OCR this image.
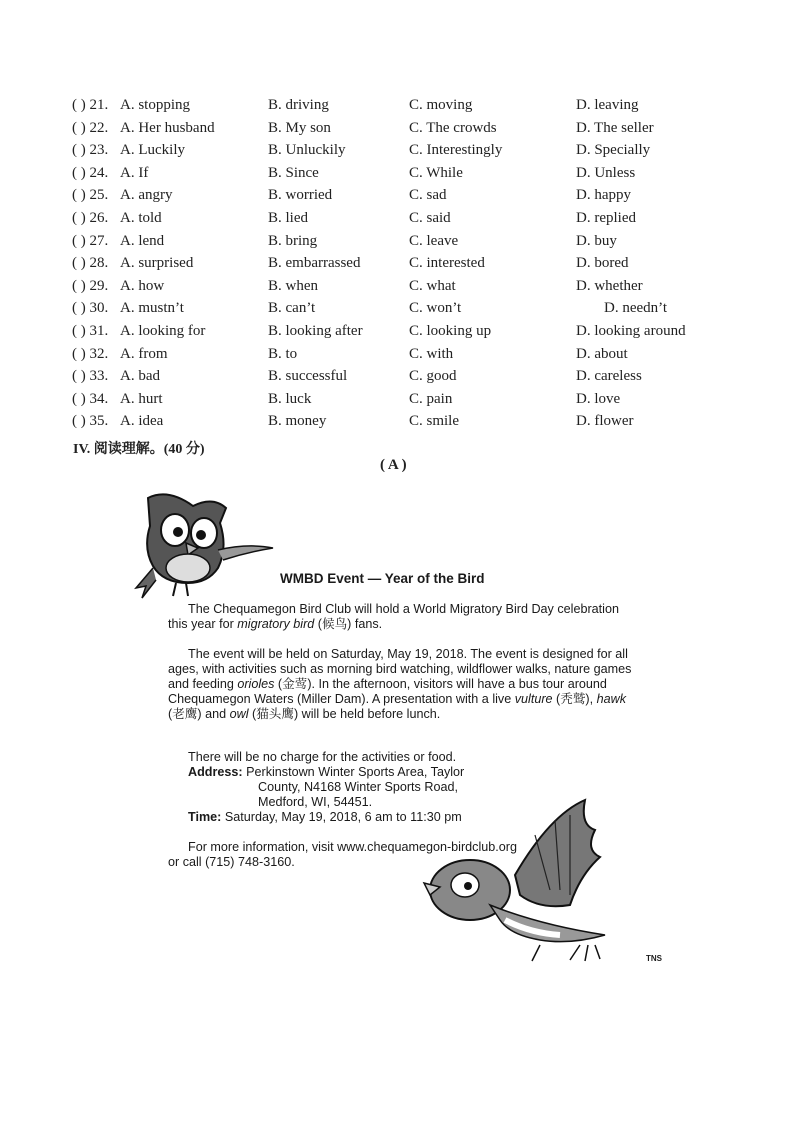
( ) 21. A. stopping	B. driving	C. moving	D. leaving
( ) 22. A. Her husband	B. My son	C. The crowds	D. The seller
( ) 23. A. Luckily	B. Unluckily	C. Interestingly	D. Specially
( ) 24. A. If	B. Since	C. While	D. Unless
( ) 25. A. angry	B. worried	C. sad	D. happy
( ) 26. A. told	B. lied	C. said	D. replied
( ) 27. A. lend	B. bring	C. leave	D. buy
( ) 28. A. surprised	B. embarrassed	C. interested	D. bored
( ) 29. A. how	B. when	C. what	D. whether
( ) 30. A. mustn’t	B. can’t	C. won’t	D. needn’t
( ) 31. A. looking for	B. looking after	C. looking up	D. looking around
( ) 32. A. from	B. to	C. with	D. about
( ) 33. A. bad	B. successful	C. good	D. careless
( ) 34. A. hurt	B. luck	C. pain	D. love
( ) 35. A. idea	B. money	C. smile	D. flower
IV. 阅读理解。(40 分)
( A )
WMBD Event — Year of the Bird
The Chequamegon Bird Club will hold a World Migratory Bird Day celebration this year for migratory bird (候鸟) fans.
The event will be held on Saturday, May 19, 2018. The event is designed for all ages, with activities such as morning bird watching, wildflower walks, nature games and feeding orioles (金莺). In the afternoon, visitors will have a bus tour around Chequamegon Waters (Miller Dam). A presentation with a live vulture (秃鹫), hawk (老鹰) and owl (猫头鹰) will be held before lunch.
There will be no charge for the activities or food.
Address: Perkinstown Winter Sports Area, Taylor
County, N4168 Winter Sports Road,
Medford, WI, 54451.
Time: Saturday, May 19, 2018, 6 am to 11:30 pm
For more information, visit www.chequamegon-birdclub.org or call (715) 748-3160.
TNS
